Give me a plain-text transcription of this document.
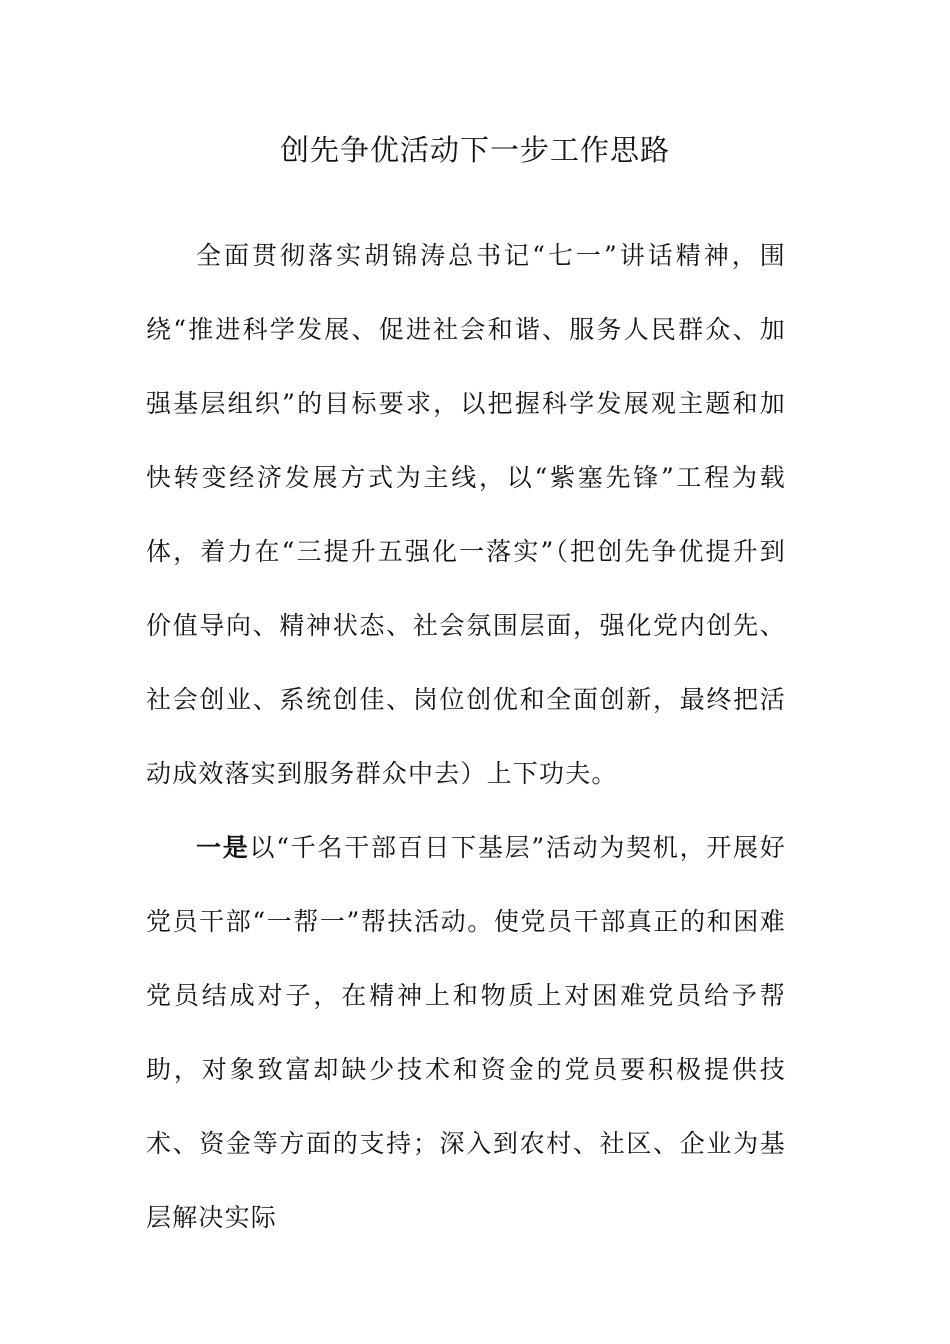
创先争优活动下一步工作思路

全面贯彻落实胡锦涛总书记“七一”讲话精神，围绕“推进科学发展、促进社会和谐、服务人民群众、加强基层组织”的目标要求，以把握科学发展观主题和加快转变经济发展方式为主线，以“紫塞先锋”工程为载体，着力在“三提升五强化一落实”（把创先争优提升到价值导向、精神状态、社会氛围层面，强化党内创先、社会创业、系统创佳、岗位创优和全面创新，最终把活动成效落实到服务群众中去）上下功夫。

一是以“千名干部百日下基层”活动为契机，开展好党员干部“一帮一”帮扶活动。使党员干部真正的和困难党员结成对子，在精神上和物质上对困难党员给予帮助，对象致富却缺少技术和资金的党员要积极提供技术、资金等方面的支持；深入到农村、社区、企业为基层解决实际
